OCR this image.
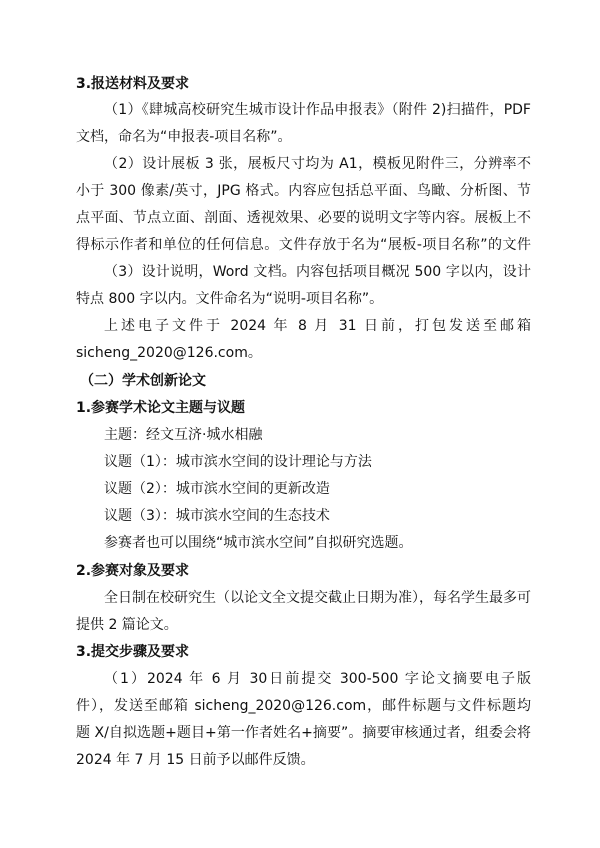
3.报送材料及要求
（1）《肆城高校研究生城市设计作品申报表》（附件 2)扫描件，PDF
文档，命名为“申报表-项目名称”。
（2）设计展板 3 张，展板尺寸均为 A1，模板见附件三，分辨率不
小于 300 像素/英寸，JPG 格式。内容应包括总平面、鸟瞰、分析图、节
点平面、节点立面、剖面、透视效果、必要的说明文字等内容。展板上不
得标示作者和单位的任何信息。文件存放于名为“展板-项目名称”的文件
（3）设计说明，Word 文档。内容包括项目概况 500 字以内，设计
特点 800 字以内。文件命名为“说明-项目名称”。
上述电子文件于 2024 年 8 月 31 日前，打包发送至邮箱
sicheng_2020@126.com。
（二）学术创新论文
1.参赛学术论文主题与议题
主题：经文互济·城水相融
议题（1）：城市滨水空间的设计理论与方法
议题（2）：城市滨水空间的更新改造
议题（3）：城市滨水空间的生态技术
参赛者也可以围绕“城市滨水空间”自拟研究选题。
2.参赛对象及要求
全日制在校研究生（以论文全文提交截止日期为准），每名学生最多可
提供 2 篇论文。
3.提交步骤及要求
（1）2024 年 6 月 30日前提交 300-500 字论文摘要电子版
件），发送至邮箱 sicheng_2020@126.com，邮件标题与文件标题均
题 X/自拟选题+题目+第一作者姓名+摘要”。摘要审核通过者，组委会将
2024 年 7 月 15 日前予以邮件反馈。
